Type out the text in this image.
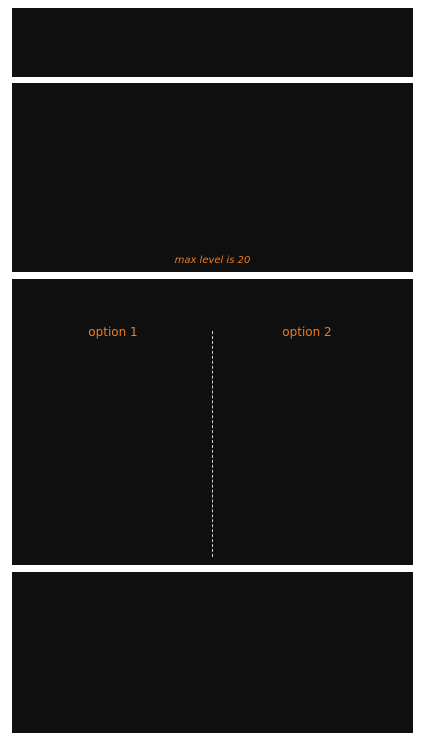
max level is 20
option 1	option 2
